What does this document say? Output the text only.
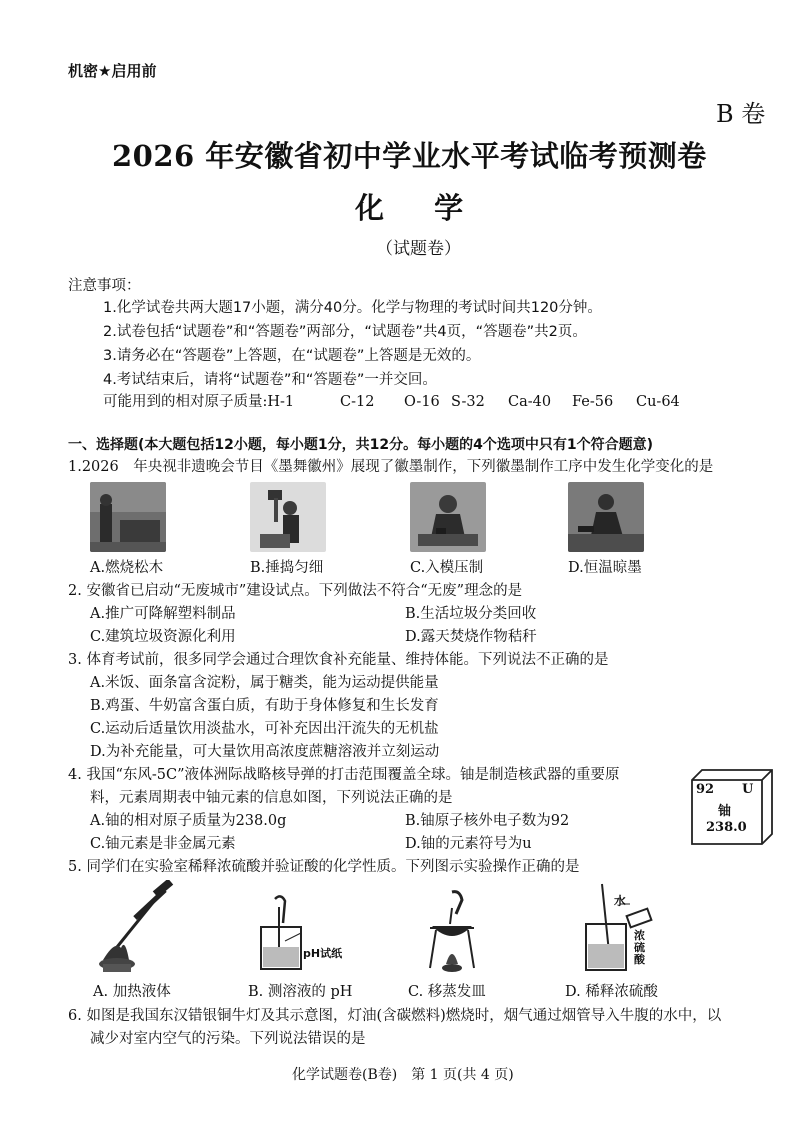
机密★启用前
B 卷
2026 年安徽省初中学业水平考试临考预测卷
化 学
（试题卷）
注意事项：
1.化学试卷共两大题17小题，满分40分。化学与物理的考试时间共120分钟。
2.试卷包括“试题卷”和“答题卷”两部分，“试题卷”共4页，“答题卷”共2页。
3.请务必在“答题卷”上答题，在“试题卷”上答题是无效的。
4.考试结束后，请将“试题卷”和“答题卷”一并交回。
可能用到的相对原子质量:H-1	C-12 O-16 S-32 Ca-40 Fe-56 Cu-64
一、选择题(本大题包括12小题，每小题1分，共12分。每小题的4个选项中只有1个符合题意)
1.2026　年央视非遗晚会节目《墨舞徽州》展现了徽墨制作，下列徽墨制作工序中发生化学变化的是
A.燃烧松木	B.捶捣匀细	C.入模压制	D.恒温晾墨
2. 安徽省已启动“无废城市”建设试点。下列做法不符合“无废”理念的是
A.推广可降解塑料制品	B.生活垃圾分类回收
C.建筑垃圾资源化利用	D.露天焚烧作物秸秆
3. 体育考试前，很多同学会通过合理饮食补充能量、维持体能。下列说法不正确的是
A.米饭、面条富含淀粉，属于糖类，能为运动提供能量
B.鸡蛋、牛奶富含蛋白质，有助于身体修复和生长发育
C.运动后适量饮用淡盐水，可补充因出汗流失的无机盐
D.为补充能量，可大量饮用高浓度蔗糖溶液并立刻运动
4. 我国“东风-5C”液体洲际战略核导弹的打击范围覆盖全球。铀是制造核武器的重要原
料，元素周期表中铀元素的信息如图，下列说法正确的是
A.铀的相对原子质量为238.0g	B.铀原子核外电子数为92
C.铀元素是非金属元素	D.铀的元素符号为u
92 U
铀
238.0
5. 同学们在实验室稀释浓硫酸并验证酸的化学性质。下列图示实验操作正确的是
pH试纸
水
浓
硫
酸
A. 加热液体	B. 测溶液的 pH	C. 移蒸发皿	D. 稀释浓硫酸
6. 如图是我国东汉错银铜牛灯及其示意图，灯油(含碳燃料)燃烧时，烟气通过烟管导入牛腹的水中，以
减少对室内空气的污染。下列说法错误的是
化学试题卷(B卷)　第 1 页(共 4 页)
